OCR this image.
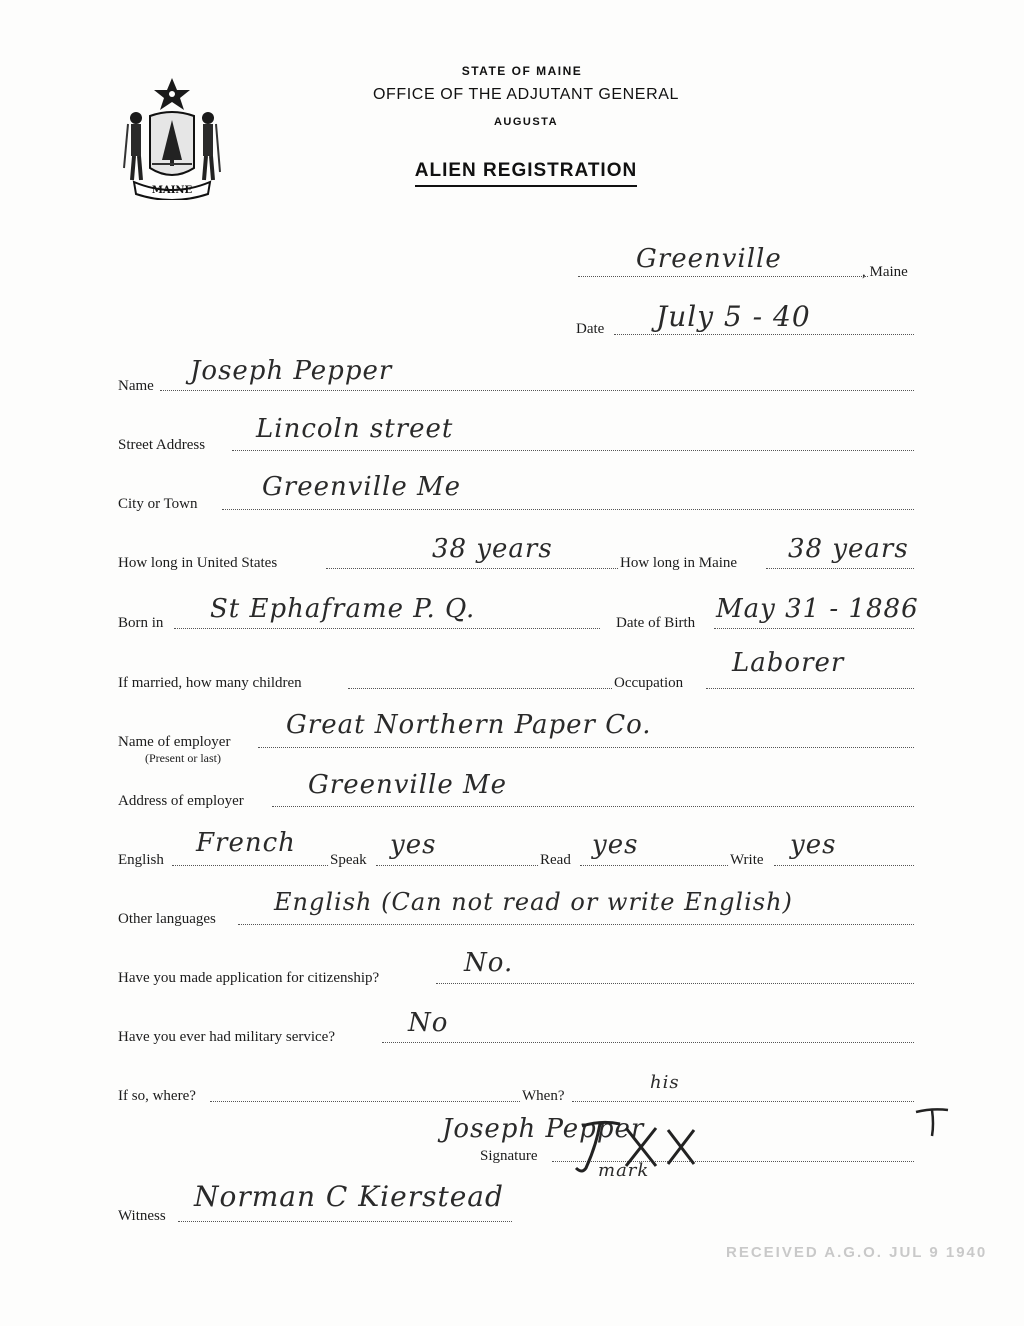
MAINE
STATE OF MAINE
OFFICE OF THE ADJUTANT GENERAL
AUGUSTA
ALIEN REGISTRATION
Greenville	, Maine
Date July 5 - 40
Name Joseph Pepper
Street Address
Lincoln street
City or Town
Greenville Me
How long in United States	38 years	How long in Maine 38 years
Born in St Ephaframe P. Q.	Date of Birth May 31 - 1886
If married, how many children	Occupation
Laborer
Name of employer
(Present or last)
Great Northern Paper Co.
Address of employer
Greenville Me
English
French
Speak yes	Read yes	Write yes
Other languages
English (Can not read or write English)
Have you made application for citizenship?	No.
Have you ever had military service?	No
If so, where?	When?
his
Joseph Pepper
Signature
mark
Witness
Norman C Kierstead
RECEIVED A.G.O. JUL 9 1940
